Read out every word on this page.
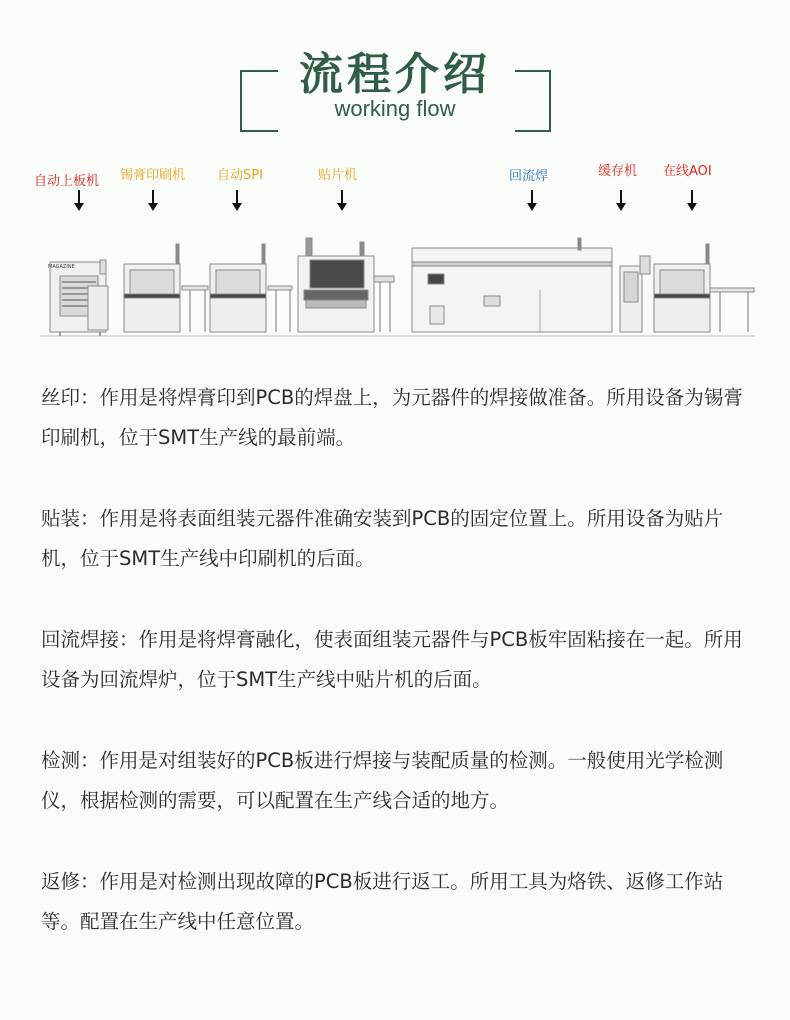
流程介绍
working flow
自动上板机 锡膏印刷机 自动SPI	贴片机	回流焊	缓存机 在线AOI
MAGAZINE

丝印：作用是将焊膏印到PCB的焊盘上，为元器件的焊接做准备。所用设备为锡膏印刷机，位于SMT生产线的最前端。

贴装：作用是将表面组装元器件准确安装到PCB的固定位置上。所用设备为贴片机，位于SMT生产线中印刷机的后面。

回流焊接：作用是将焊膏融化，使表面组装元器件与PCB板牢固粘接在一起。所用设备为回流焊炉，位于SMT生产线中贴片机的后面。

检测：作用是对组装好的PCB板进行焊接与装配质量的检测。一般使用光学检测仪，根据检测的需要，可以配置在生产线合适的地方。

返修：作用是对检测出现故障的PCB板进行返工。所用工具为烙铁、返修工作站等。配置在生产线中任意位置。
